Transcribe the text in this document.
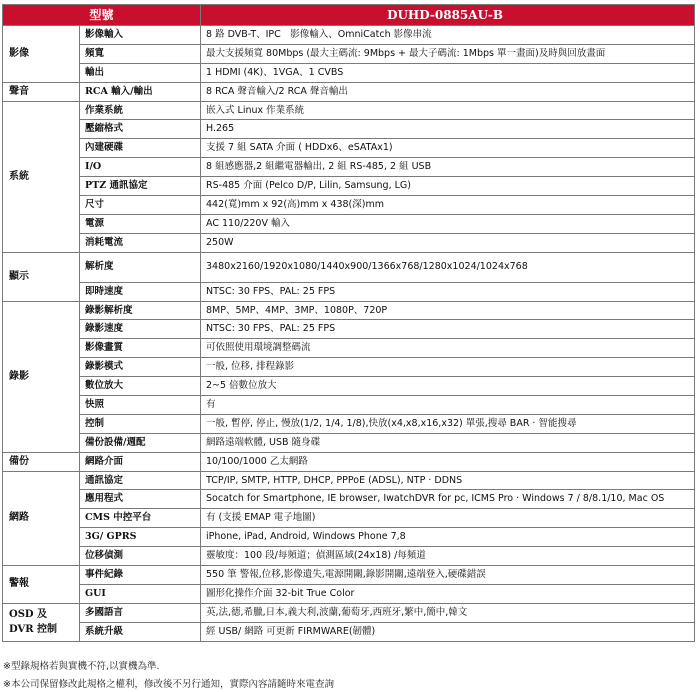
型號		DUHD-0885AU-B
影像	影像輸入	8 路 DVB-T、IPC　影像輸入、OmniCatch 影像串流
	頻寬	最大支援頻寬 80Mbps (最大主碼流: 9Mbps + 最大子碼流: 1Mbps 單一畫面)及時與回放畫面
	輸出	1 HDMI (4K)、1VGA、1 CVBS
聲音	RCA 輸入/輸出	8 RCA 聲音輸入/2 RCA 聲音輸出
系統	作業系統	嵌入式 Linux 作業系統
	壓縮格式	H.265
	內建硬碟	支援 7 組 SATA 介面 ( HDDx6、eSATAx1)
	I/O	8 組感應器,2 組繼電器輸出, 2 組 RS-485, 2 組 USB
	PTZ 通訊協定	RS-485 介面 (Pelco D/P, Lilin, Samsung, LG)
	尺寸	442(寬)mm x 92(高)mm x 438(深)mm
	電源	AC 110/220V 輸入
	消耗電流	250W
顯示	解析度	3480x2160/1920x1080/1440x900/1366x768/1280x1024/1024x768
	即時速度	NTSC: 30 FPS、PAL: 25 FPS
錄影	錄影解析度	8MP、5MP、4MP、3MP、1080P、720P
	錄影速度	NTSC: 30 FPS、PAL: 25 FPS
	影像畫質	可依照使用環境調整碼流
	錄影模式	一般, 位移, 排程錄影
	數位放大	2~5 倍數位放大
	快照	有
	控制	一般, 暫停, 停止, 慢放(1/2, 1/4, 1/8),快放(x4,x8,x16,x32) 單張,搜尋 BAR · 智能搜尋
	備份設備/週配	網路遠端軟體, USB 隨身碟
備份	網路介面	10/100/1000 乙太網路
網路	通訊協定	TCP/IP, SMTP, HTTP, DHCP, PPPoE (ADSL), NTP · DDNS
	應用程式	Socatch for Smartphone, IE browser, IwatchDVR for pc, ICMS Pro · Windows 7 / 8/8.1/10, Mac OS
	CMS 中控平台	有 (支援 EMAP 電子地圖)
	3G/ GPRS	iPhone, iPad, Android, Windows Phone 7,8
	位移偵測	靈敏度：100 段/每頻道；偵測區域(24x18) /每頻道
警報	事件紀錄	550 筆 警報,位移,影像遺失,電源開關,錄影開關,遠端登入,硬碟錯誤
	GUI	圖形化操作介面 32-bit True Color
OSD 及
DVR 控制	多國語言	英,法,德,希臘,日本,義大利,波蘭,葡萄牙,西班牙,繁中,簡中,韓文
	系統升級	經 USB/ 網路 可更新 FIRMWARE(韌體)
※型錄規格若與實機不符,以實機為準.
※本公司保留修改此規格之權利，修改後不另行通知，實際內容請隨時來電查詢
